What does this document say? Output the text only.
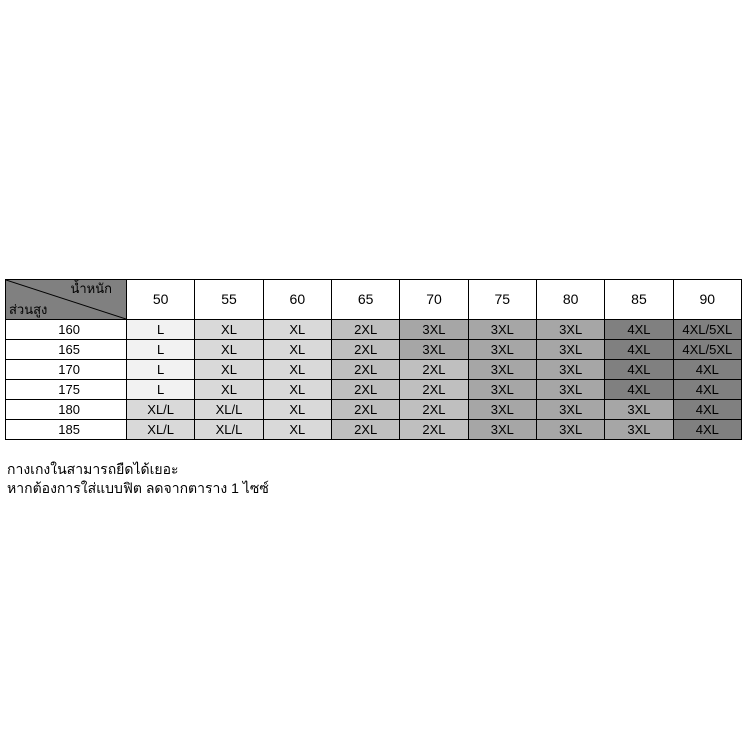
น้ำหนัก
ส่วนสูง	50	55	60	65	70	75	80	85	90
160	L	XL	XL	2XL	3XL	3XL	3XL	4XL	4XL/5XL
165	L	XL	XL	2XL	3XL	3XL	3XL	4XL	4XL/5XL
170	L	XL	XL	2XL	2XL	3XL	3XL	4XL	4XL
175	L	XL	XL	2XL	2XL	3XL	3XL	4XL	4XL
180	XL/L	XL/L	XL	2XL	2XL	3XL	3XL	3XL	4XL
185	XL/L	XL/L	XL	2XL	2XL	3XL	3XL	3XL	4XL
กางเกงในสามารถยืดได้เยอะ
หากต้องการใส่แบบฟิต ลดจากตาราง 1 ไซซ์
